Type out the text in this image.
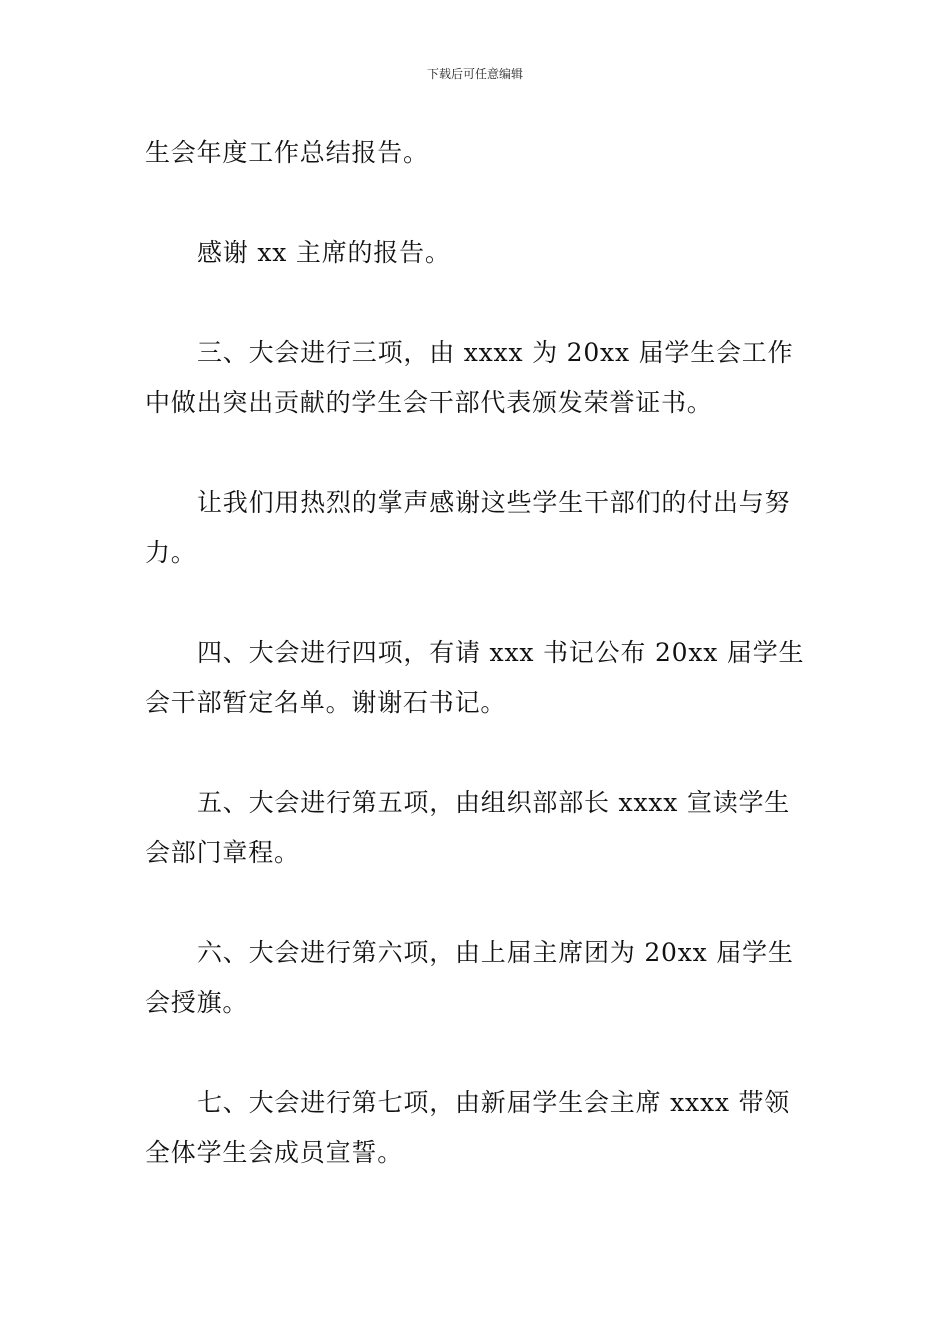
下载后可任意编辑

生会年度工作总结报告。

感谢 xx 主席的报告。

三、大会进行三项，由 xxxx 为 20xx 届学生会工作中做出突出贡献的学生会干部代表颁发荣誉证书。

让我们用热烈的掌声感谢这些学生干部们的付出与努力。

四、大会进行四项，有请 xxx 书记公布 20xx 届学生会干部暂定名单。谢谢石书记。

五、大会进行第五项，由组织部部长 xxxx 宣读学生会部门章程。

六、大会进行第六项，由上届主席团为 20xx 届学生会授旗。

七、大会进行第七项，由新届学生会主席 xxxx 带领全体学生会成员宣誓。
